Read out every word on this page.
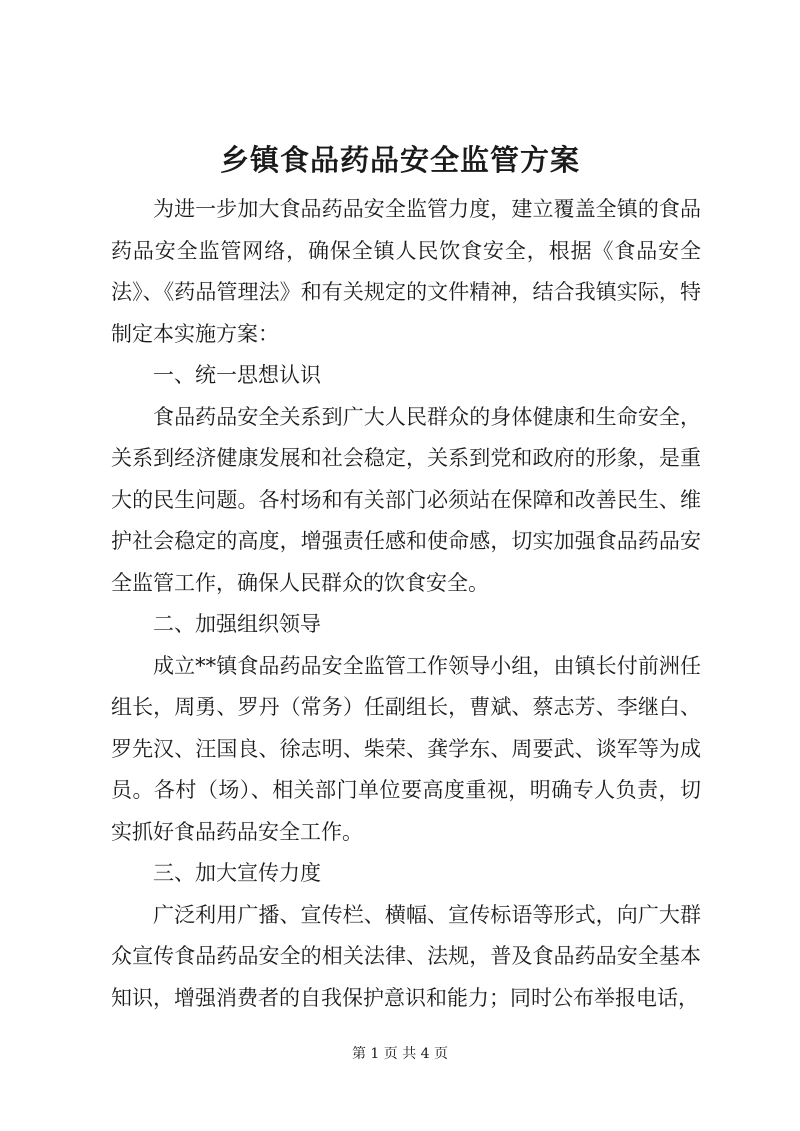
乡镇食品药品安全监管方案

为进一步加大食品药品安全监管力度，建立覆盖全镇的食品药品安全监管网络，确保全镇人民饮食安全，根据《食品安全法》、《药品管理法》和有关规定的文件精神，结合我镇实际，特制定本实施方案：

一、统一思想认识

食品药品安全关系到广大人民群众的身体健康和生命安全，关系到经济健康发展和社会稳定，关系到党和政府的形象，是重大的民生问题。各村场和有关部门必须站在保障和改善民生、维护社会稳定的高度，增强责任感和使命感，切实加强食品药品安全监管工作，确保人民群众的饮食安全。

二、加强组织领导

成立**镇食品药品安全监管工作领导小组，由镇长付前洲任组长，周勇、罗丹（常务）任副组长，曹斌、蔡志芳、李继白、罗先汉、汪国良、徐志明、柴荣、龚学东、周要武、谈军等为成员。各村（场）、相关部门单位要高度重视，明确专人负责，切实抓好食品药品安全工作。

三、加大宣传力度

广泛利用广播、宣传栏、横幅、宣传标语等形式，向广大群众宣传食品药品安全的相关法律、法规，普及食品药品安全基本知识，增强消费者的自我保护意识和能力；同时公布举报电话，

第 1 页 共 4 页
